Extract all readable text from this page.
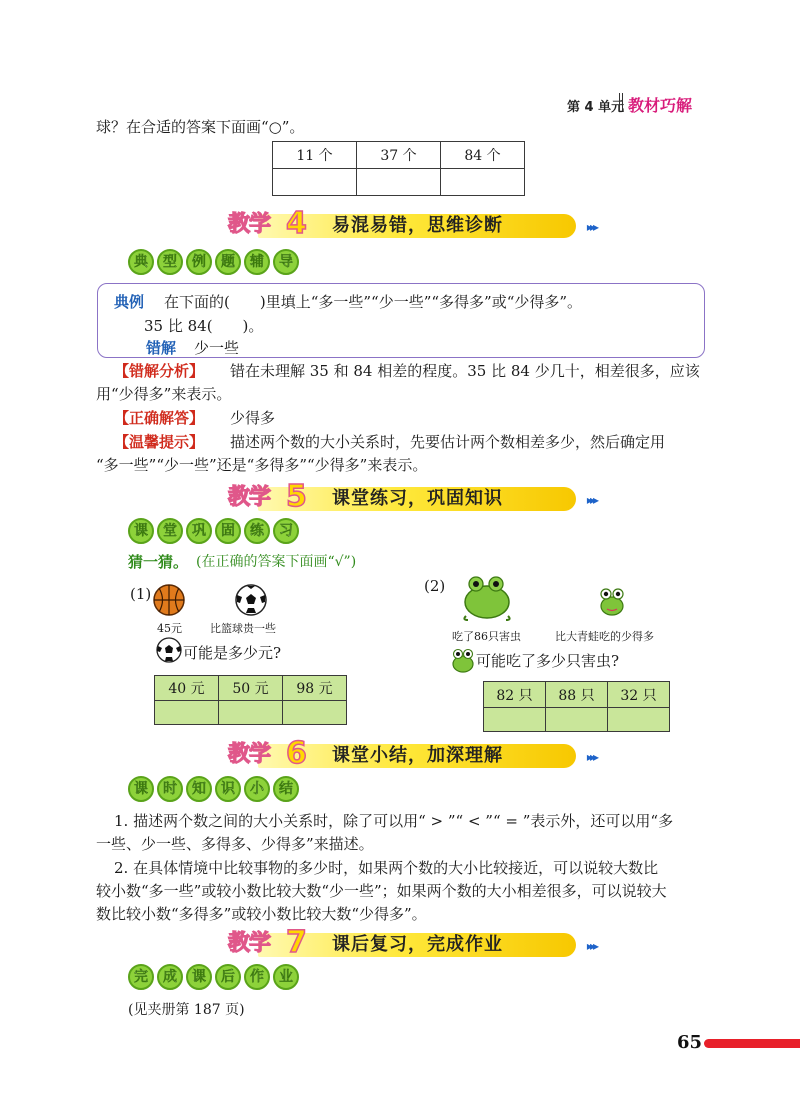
第 4 单元 教材巧解
球？在合适的答案下面画“○”。
11 个	37 个	84 个

教学 4 易混易错，思维诊断	▸▸▸
典	型	例	题	辅	导
典例 在下面的(　　)里填上“多一些”“少一些”“多得多”或“少得多”。
35 比 84(　　)。
错解 少一些
【错解分析】 错在未理解 35 和 84 相差的程度。35 比 84 少几十，相差很多，应该
用“少得多”来表示。
【正确解答】 少得多
【温馨提示】 描述两个数的大小关系时，先要估计两个数相差多少，然后确定用
“多一些”“少一些”还是“多得多”“少得多”来表示。
教学 5 课堂练习，巩固知识	▸▸▸
课	堂	巩	固	练	习
猜一猜。 (在正确的答案下面画“√”)
(1)
45元	比篮球贵一些
可能是多少元?
40 元	50 元	98 元

(2)
吃了86只害虫	比大青蛙吃的少得多
可能吃了多少只害虫?
82 只	88 只	32 只

教学 6 课堂小结，加深理解	▸▸▸
课	时	知	识	小	结
1. 描述两个数之间的大小关系时，除了可以用“ > ”“ < ”“ = ”表示外，还可以用“多
一些、少一些、多得多、少得多”来描述。
2. 在具体情境中比较事物的多少时，如果两个数的大小比较接近，可以说较大数比
较小数“多一些”或较小数比较大数“少一些”；如果两个数的大小相差很多，可以说较大
数比较小数“多得多”或较小数比较大数“少得多”。
教学 7 课后复习，完成作业	▸▸▸
完	成	课	后	作	业
(见夹册第 187 页)
65
